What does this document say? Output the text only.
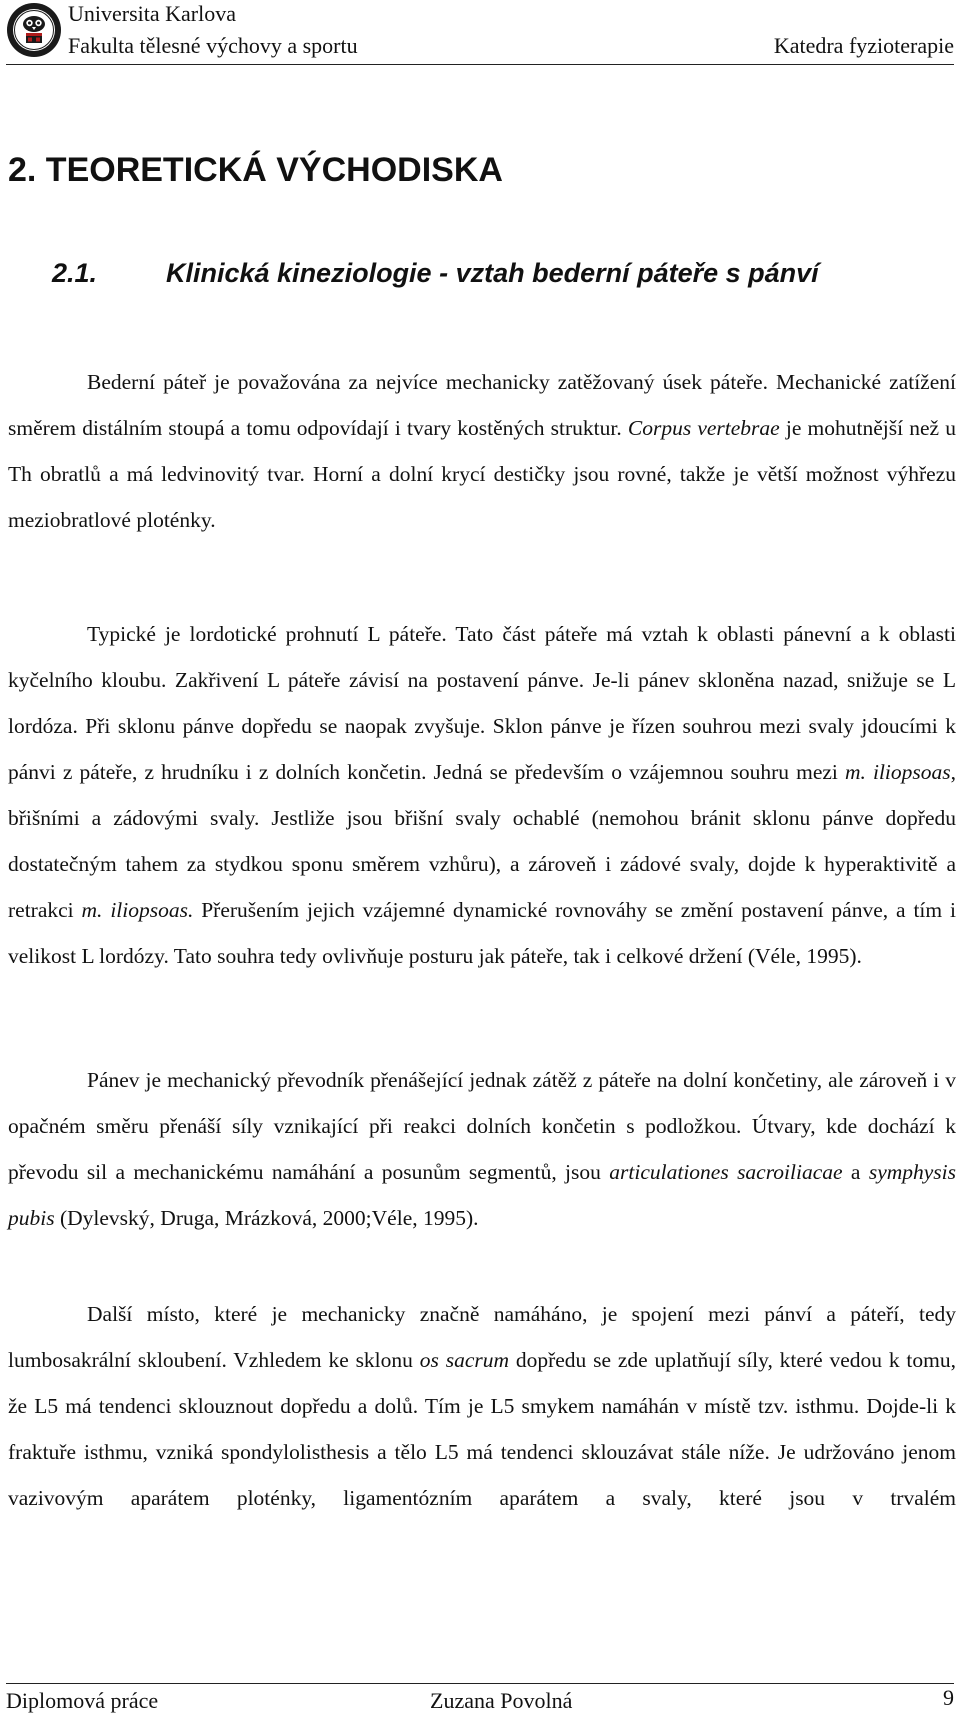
Universita Karlova
Fakulta tělesné výchovy a sportu	Katedra fyzioterapie
2. TEORETICKÁ VÝCHODISKA
2.1.	Klinická kineziologie - vztah bederní páteře s pánví

Bederní páteř je považována za nejvíce mechanicky zatěžovaný úsek páteře. Mechanické zatížení směrem distálním stoupá a tomu odpovídají i tvary kostěných struktur. Corpus vertebrae je mohutnější než u Th obratlů a má ledvinovitý tvar. Horní a dolní krycí destičky jsou rovné, takže je větší možnost výhřezu meziobratlové ploténky.

Typické je lordotické prohnutí L páteře. Tato část páteře má vztah k oblasti pánevní a k oblasti kyčelního kloubu. Zakřivení L páteře závisí na postavení pánve. Je-li pánev skloněna nazad, snižuje se L lordóza. Při sklonu pánve dopředu se naopak zvyšuje. Sklon pánve je řízen souhrou mezi svaly jdoucími k pánvi z páteře, z hrudníku i z dolních končetin. Jedná se především o vzájemnou souhru mezi m. iliopsoas, břišními a zádovými svaly. Jestliže jsou břišní svaly ochablé (nemohou bránit sklonu pánve dopředu dostatečným tahem za stydkou sponu směrem vzhůru), a zároveň i zádové svaly, dojde k hyperaktivitě a retrakci m. iliopsoas. Přerušením jejich vzájemné dynamické rovnováhy se změní postavení pánve, a tím i velikost L lordózy. Tato souhra tedy ovlivňuje posturu jak páteře, tak i celkové držení (Véle, 1995).

Pánev je mechanický převodník přenášející jednak zátěž z páteře na dolní končetiny, ale zároveň i v opačném směru přenáší síly vznikající při reakci dolních končetin s podložkou. Útvary, kde dochází k převodu sil a mechanickému namáhání a posunům segmentů, jsou articulationes sacroiliacae a symphysis pubis (Dylevský, Druga, Mrázková, 2000;Véle, 1995).

Další místo, které je mechanicky značně namáháno, je spojení mezi pánví a páteří, tedy lumbosakrální skloubení. Vzhledem ke sklonu os sacrum dopředu se zde uplatňují síly, které vedou k tomu, že L5 má tendenci sklouznout dopředu a dolů. Tím je L5 smykem namáhán v místě tzv. isthmu. Dojde-li k fraktuře isthmu, vzniká spondylolisthesis a tělo L5 má tendenci sklouzávat stále níže. Je udržováno jenom vazivovým aparátem ploténky, ligamentózním aparátem a svaly, které jsou v trvalém

Diplomová práce	Zuzana Povolná	9
